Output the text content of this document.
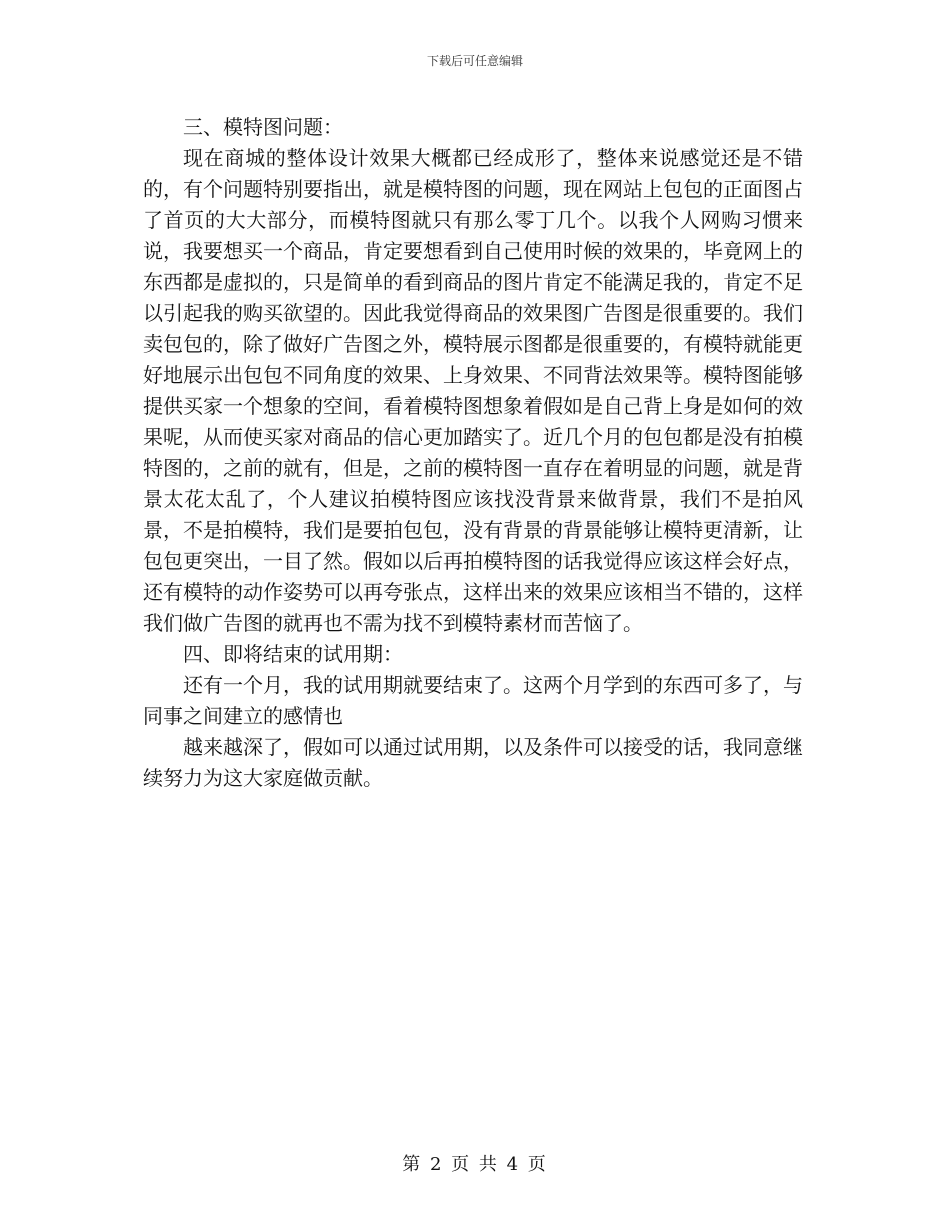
下载后可任意编辑

三、模特图问题：

现在商城的整体设计效果大概都已经成形了，整体来说感觉还是不错的，有个问题特别要指出，就是模特图的问题，现在网站上包包的正面图占了首页的大大部分，而模特图就只有那么零丁几个。以我个人网购习惯来说，我要想买一个商品，肯定要想看到自己使用时候的效果的，毕竟网上的东西都是虚拟的，只是简单的看到商品的图片肯定不能满足我的，肯定不足以引起我的购买欲望的。因此我觉得商品的效果图广告图是很重要的。我们卖包包的，除了做好广告图之外，模特展示图都是很重要的，有模特就能更好地展示出包包不同角度的效果、上身效果、不同背法效果等。模特图能够提供买家一个想象的空间，看着模特图想象着假如是自己背上身是如何的效果呢，从而使买家对商品的信心更加踏实了。近几个月的包包都是没有拍模特图的，之前的就有，但是，之前的模特图一直存在着明显的问题，就是背景太花太乱了，个人建议拍模特图应该找没背景来做背景，我们不是拍风景，不是拍模特，我们是要拍包包，没有背景的背景能够让模特更清新，让包包更突出，一目了然。假如以后再拍模特图的话我觉得应该这样会好点，还有模特的动作姿势可以再夸张点，这样出来的效果应该相当不错的，这样我们做广告图的就再也不需为找不到模特素材而苦恼了。

四、即将结束的试用期：

还有一个月，我的试用期就要结束了。这两个月学到的东西可多了，与同事之间建立的感情也

越来越深了，假如可以通过试用期，以及条件可以接受的话，我同意继续努力为这大家庭做贡献。

第 2 页 共 4 页
